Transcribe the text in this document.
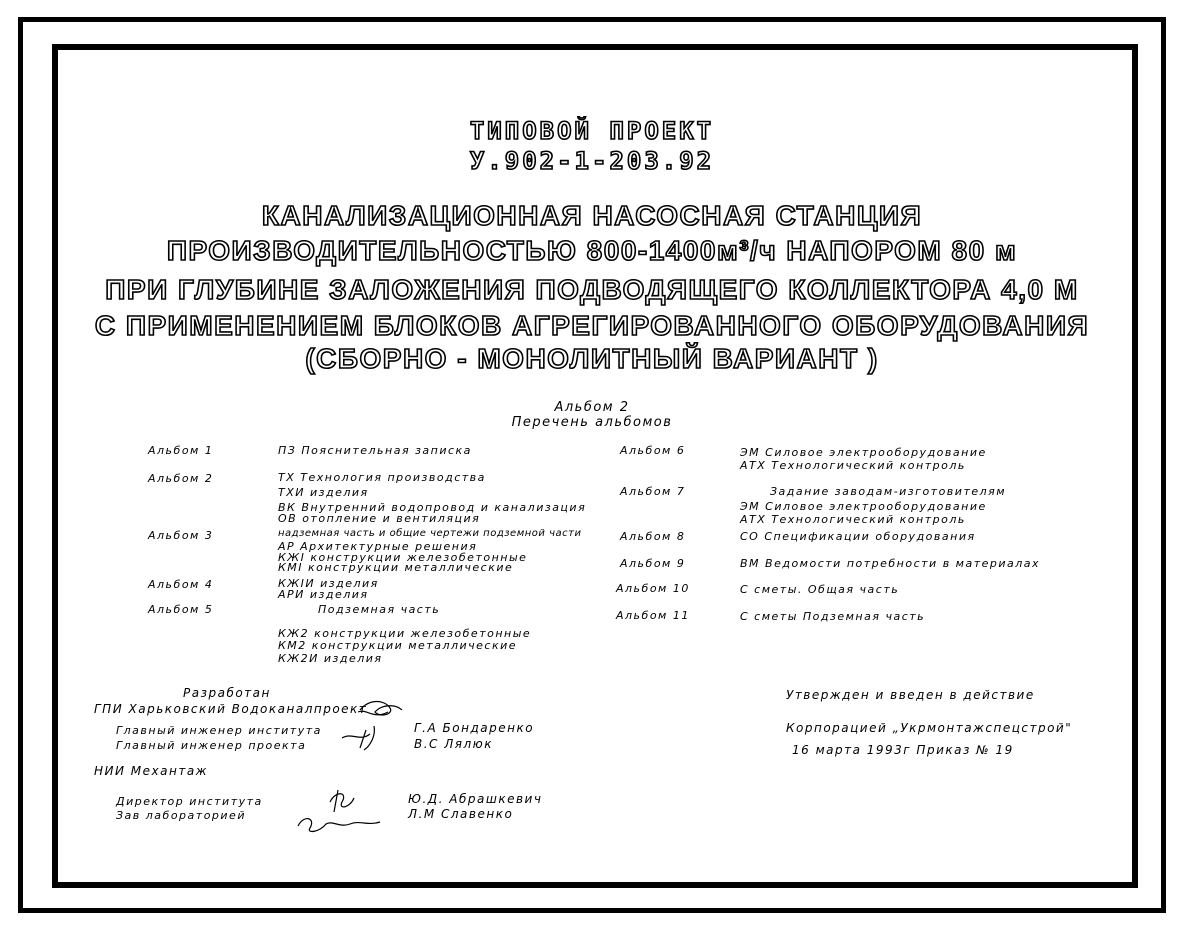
ТИПОВОЙ ПРОЕКТ
У.902-1-203.92
КАНАЛИЗАЦИОННАЯ НАСОСНАЯ СТАНЦИЯ
ПРОИЗВОДИТЕЛЬНОСТЬЮ 800-1400м³/ч НАПОРОМ 80 м
ПРИ ГЛУБИНЕ ЗАЛОЖЕНИЯ ПОДВОДЯЩЕГО КОЛЛЕКТОРА 4,0 М
С ПРИМЕНЕНИЕМ БЛОКОВ АГРЕГИРОВАННОГО ОБОРУДОВАНИЯ
(СБОРНО - МОНОЛИТНЫЙ ВАРИАНТ )
Альбом 2
Перечень альбомов
Альбом 1	ПЗ Пояснительная записка
Альбом 2	ТХ Технология производства
ТХИ изделия
ВК Внутренний водопровод и канализация
ОВ отопление и вентиляция
Альбом 3	надземная часть и общие чертежи подземной части
АР Архитектурные решения
КЖI конструкции железобетонные
КМI конструкции металлические
Альбом 4	КЖIИ изделия
АРИ изделия
Альбом 5	Подземная часть
КЖ2 конструкции железобетонные
КМ2 конструкции металлические
КЖ2И изделия
Альбом 6	ЭМ Силовое электрооборудование
АТХ Технологический контроль
Альбом 7	Задание заводам-изготовителям
ЭМ Силовое электрооборудование
АТХ Технологический контроль
Альбом 8	СО Спецификации оборудования
Альбом 9	ВМ Ведомости потребности в материалах
Альбом 10	С сметы. Общая часть
Альбом 11	С сметы Подземная часть
Разработан
ГПИ Харьковский Водоканалпроект
Главный инженер института
Главный инженер проекта
Г.А Бондаренко
В.С Лялюк
НИИ Механтаж
Директор института
Зав лабораторией
Ю.Д. Абрашкевич
Л.М Славенко
Утвержден и введен в действие
Корпорацией „Укрмонтажспецстрой"
16 марта 1993г Приказ № 19
